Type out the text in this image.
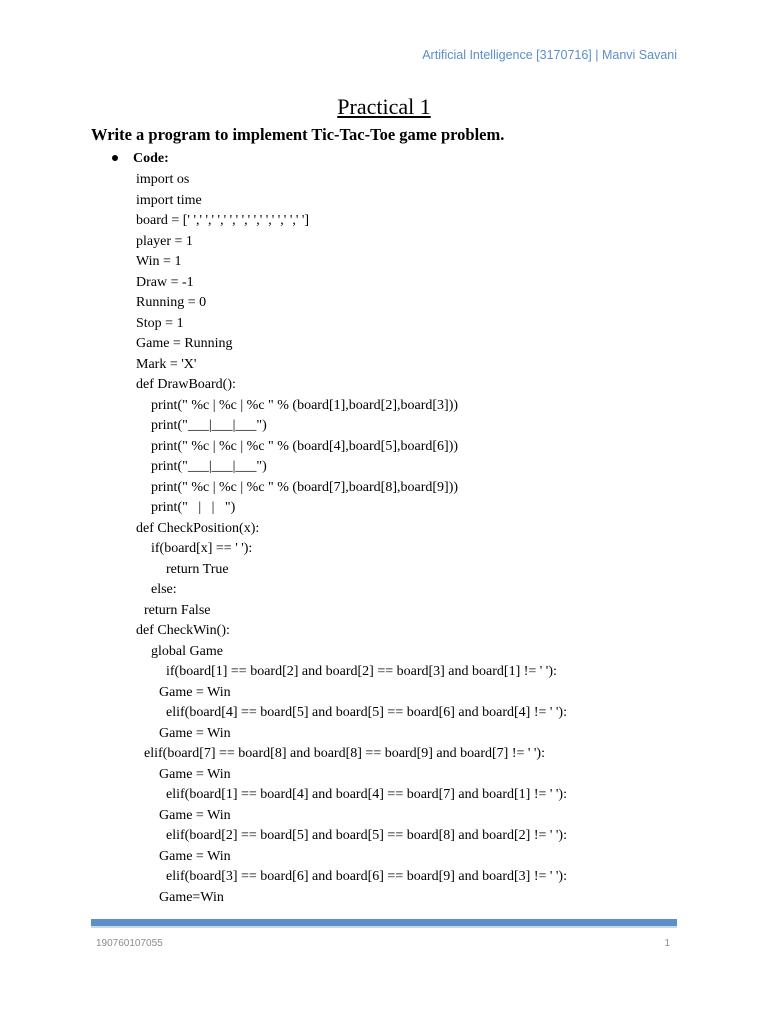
Artificial Intelligence [3170716] | Manvi Savani
Practical 1
Write a program to implement Tic-Tac-Toe game problem.
Code:
import os
import time
board = [' ',' ',' ',' ',' ',' ',' ',' ',' ',' ']
player = 1
Win = 1
Draw = -1
Running = 0
Stop = 1
Game = Running
Mark = 'X'
def DrawBoard():
print(" %c | %c | %c " % (board[1],board[2],board[3]))
print("___|___|___")
print(" %c | %c | %c " % (board[4],board[5],board[6]))
print("___|___|___")
print(" %c | %c | %c " % (board[7],board[8],board[9]))
print("   |   |   ")
def CheckPosition(x):
if(board[x] == ' '):
return True
else:
return False
def CheckWin():
global Game
if(board[1] == board[2] and board[2] == board[3] and board[1] != ' '):
Game = Win
elif(board[4] == board[5] and board[5] == board[6] and board[4] != ' '):
Game = Win
elif(board[7] == board[8] and board[8] == board[9] and board[7] != ' '):
Game = Win
elif(board[1] == board[4] and board[4] == board[7] and board[1] != ' '):
Game = Win
elif(board[2] == board[5] and board[5] == board[8] and board[2] != ' '):
Game = Win
elif(board[3] == board[6] and board[6] == board[9] and board[3] != ' '):
Game=Win
190760107055	1
